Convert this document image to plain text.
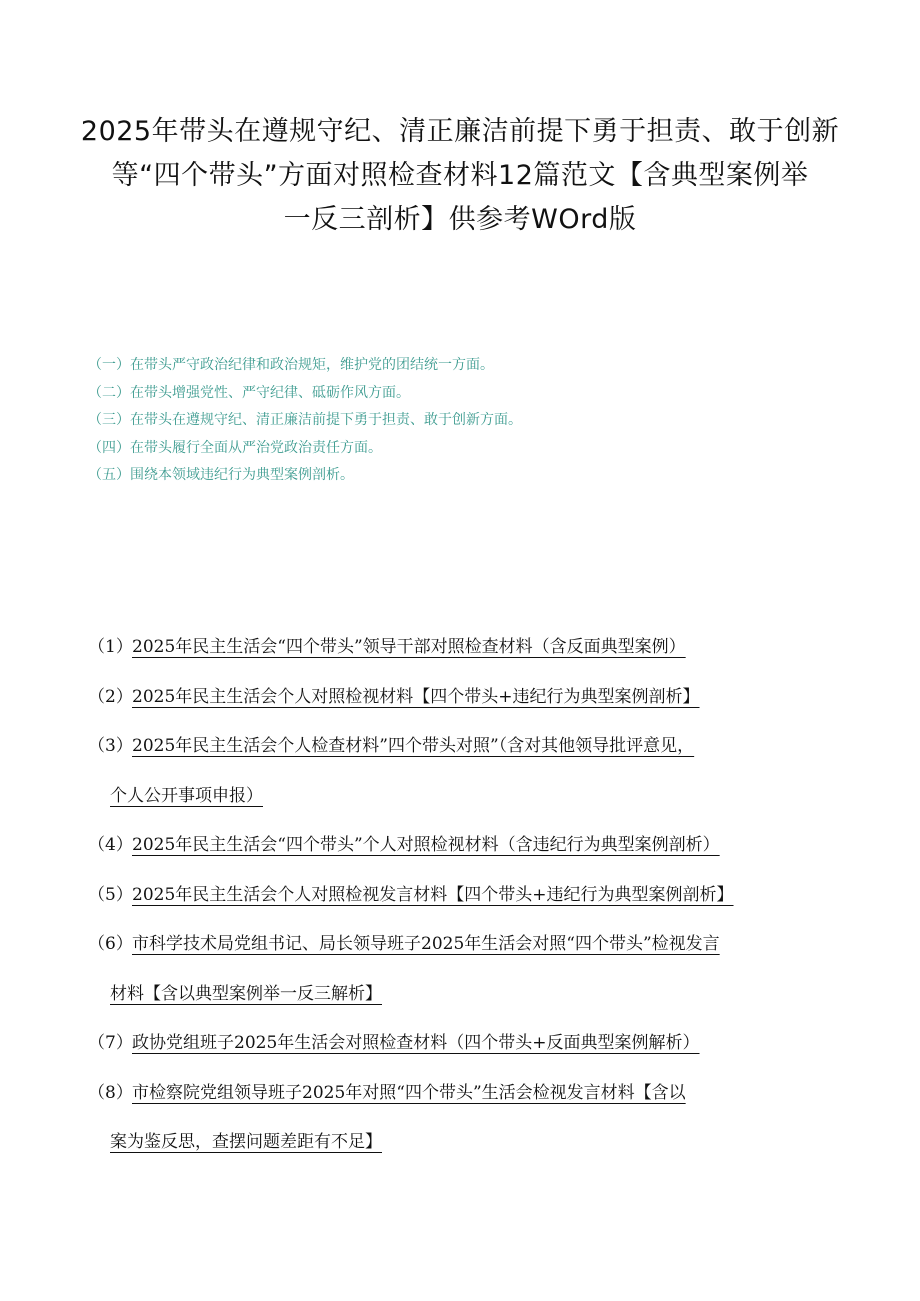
2025年带头在遵规守纪、清正廉洁前提下勇于担责、敢于创新
等“四个带头”方面对照检查材料12篇范文【含典型案例举
一反三剖析】供参考WOrd版
（一）在带头严守政治纪律和政治规矩，维护党的团结统一方面。
（二）在带头增强党性、严守纪律、砥砺作风方面。
（三）在带头在遵规守纪、清正廉洁前提下勇于担责、敢于创新方面。
（四）在带头履行全面从严治党政治责任方面。
（五）围绕本领域违纪行为典型案例剖析。
（1）2025年民主生活会“四个带头”领导干部对照检查材料（含反面典型案例）
（2）2025年民主生活会个人对照检视材料【四个带头+违纪行为典型案例剖析】
（3）2025年民主生活会个人检查材料”四个带头对照”（含对其他领导批评意见，
个人公开事项申报）
（4）2025年民主生活会“四个带头”个人对照检视材料（含违纪行为典型案例剖析）
（5）2025年民主生活会个人对照检视发言材料【四个带头+违纪行为典型案例剖析】
（6）市科学技术局党组书记、局长领导班子2025年生活会对照“四个带头”检视发言
材料【含以典型案例举一反三解析】
（7）政协党组班子2025年生活会对照检查材料（四个带头+反面典型案例解析）
（8）市检察院党组领导班子2025年对照“四个带头”生活会检视发言材料【含以
案为鉴反思，查摆问题差距有不足】
